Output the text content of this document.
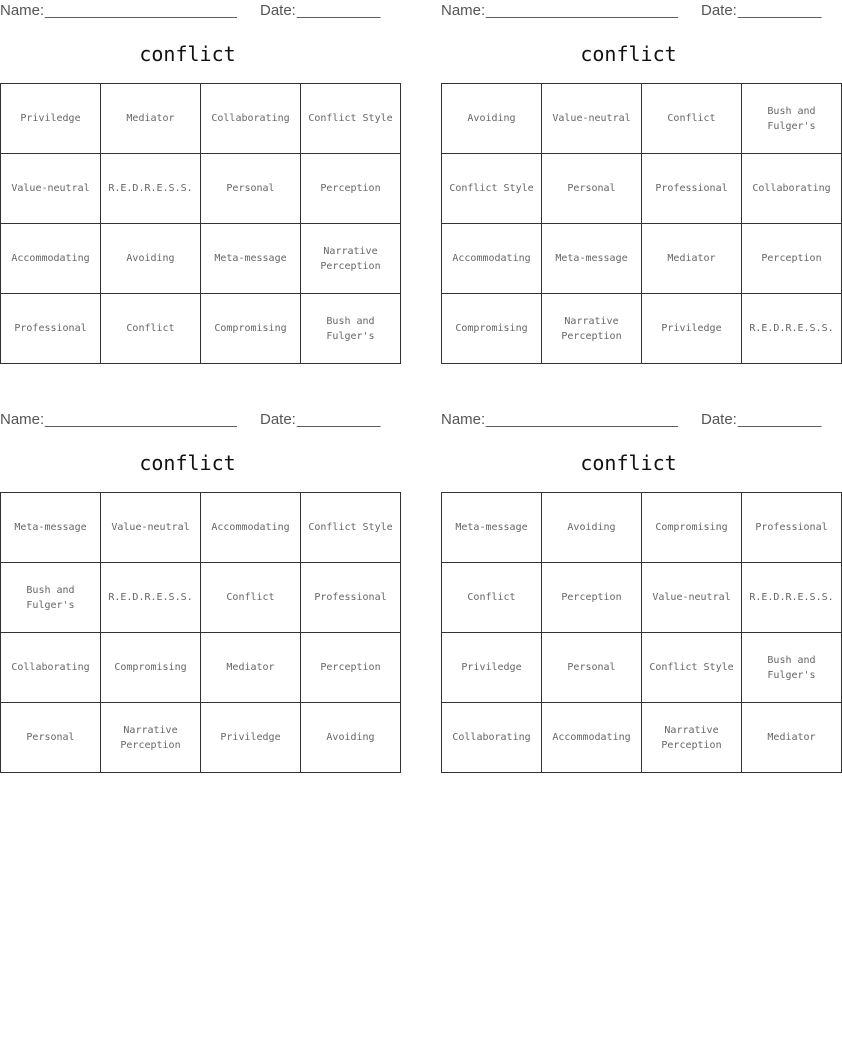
Name: _______________________ Date: __________
conflict
Priviledge	Mediator	Collaborating	Conflict Style
Value-neutral	R.E.D.R.E.S.S.	Personal	Perception
Accommodating	Avoiding	Meta-message	Narrative Perception
Professional	Conflict	Compromising	Bush and Fulger's
Name: _______________________ Date: __________
conflict
Avoiding	Value-neutral	Conflict	Bush and Fulger's
Conflict Style	Personal	Professional	Collaborating
Accommodating	Meta-message	Mediator	Perception
Compromising	Narrative Perception	Priviledge	R.E.D.R.E.S.S.
Name: _______________________ Date: __________
conflict
Meta-message	Value-neutral	Accommodating	Conflict Style
Bush and Fulger's	R.E.D.R.E.S.S.	Conflict	Professional
Collaborating	Compromising	Mediator	Perception
Personal	Narrative Perception	Priviledge	Avoiding
Name: _______________________ Date: __________
conflict
Meta-message	Avoiding	Compromising	Professional
Conflict	Perception	Value-neutral	R.E.D.R.E.S.S.
Priviledge	Personal	Conflict Style	Bush and Fulger's
Collaborating	Accommodating	Narrative Perception	Mediator
